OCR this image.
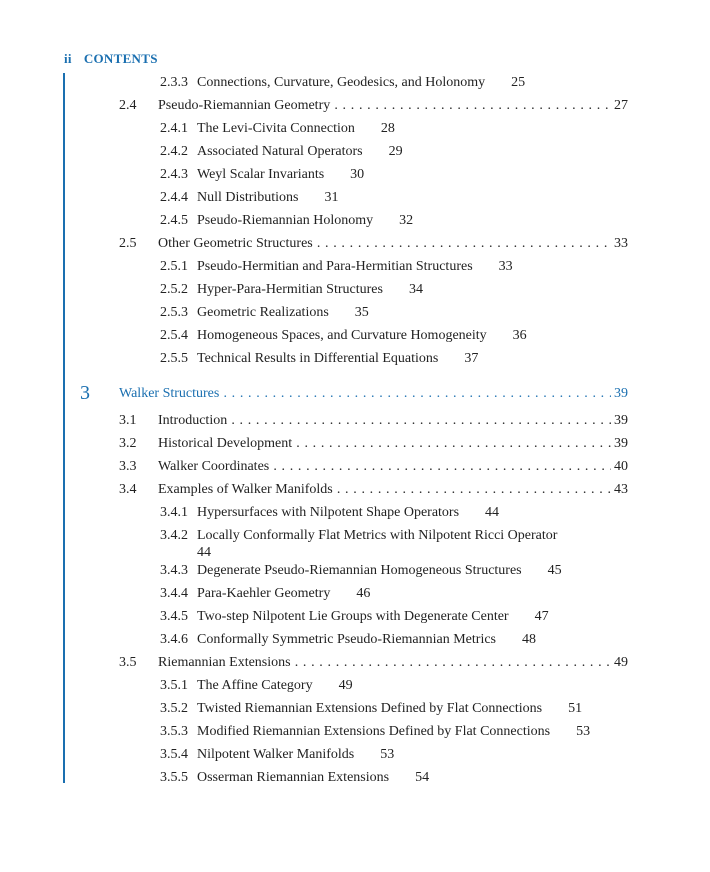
ii CONTENTS
2.3.3 Connections, Curvature, Geodesics, and Holonomy 25
2.4 Pseudo-Riemannian Geometry . . .	27
2.4.1 The Levi-Civita Connection 28
2.4.2 Associated Natural Operators 29
2.4.3 Weyl Scalar Invariants 30
2.4.4 Null Distributions 31
2.4.5 Pseudo-Riemannian Holonomy 32
2.5 Other Geometric Structures . . .	33
2.5.1 Pseudo-Hermitian and Para-Hermitian Structures 33
2.5.2 Hyper-Para-Hermitian Structures 34
2.5.3 Geometric Realizations 35
2.5.4 Homogeneous Spaces, and Curvature Homogeneity 36
2.5.5 Technical Results in Differential Equations 37
3 Walker Structures . . .	39
3.1 Introduction . . .	39
3.2 Historical Development . . .	39
3.3 Walker Coordinates . . .	40
3.4 Examples of Walker Manifolds . . .	43
3.4.1 Hypersurfaces with Nilpotent Shape Operators 44
3.4.2 Locally Conformally Flat Metrics with Nilpotent Ricci Operator
44
3.4.3 Degenerate Pseudo-Riemannian Homogeneous Structures 45
3.4.4 Para-Kaehler Geometry 46
3.4.5 Two-step Nilpotent Lie Groups with Degenerate Center 47
3.4.6 Conformally Symmetric Pseudo-Riemannian Metrics 48
3.5 Riemannian Extensions . . .	49
3.5.1 The Affine Category 49
3.5.2 Twisted Riemannian Extensions Defined by Flat Connections 51
3.5.3 Modified Riemannian Extensions Defined by Flat Connections 53
3.5.4 Nilpotent Walker Manifolds 53
3.5.5 Osserman Riemannian Extensions 54
